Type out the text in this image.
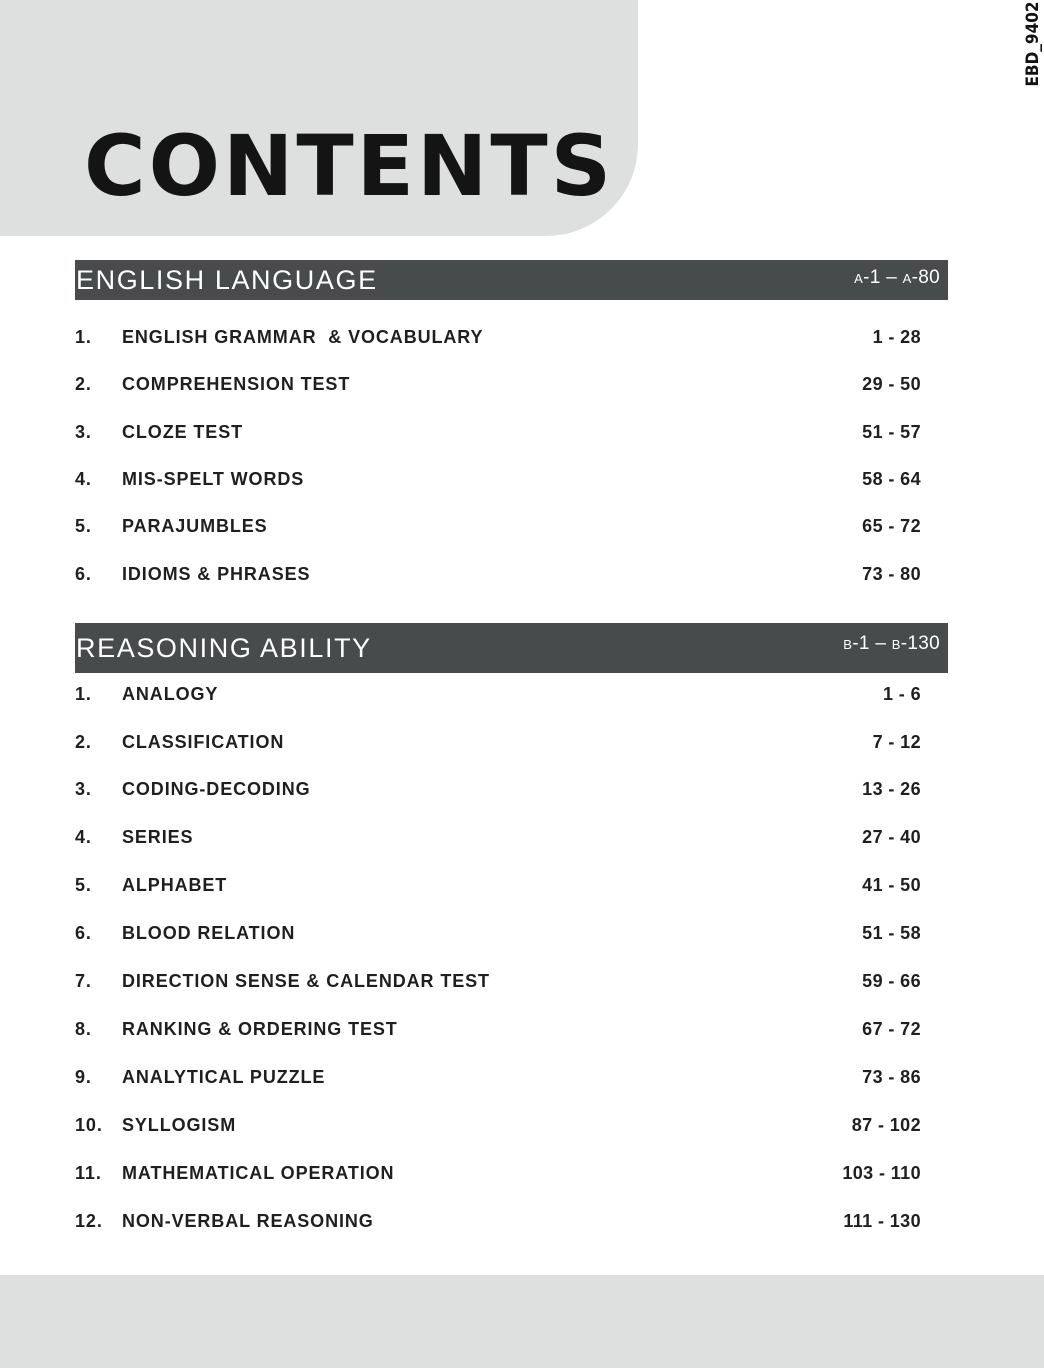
CONTENTS
EBD_9402
ENGLISH LANGUAGE	A-1 – A-80
1. ENGLISH GRAMMAR  & VOCABULARY	1 - 28
2. COMPREHENSION TEST	29 - 50
3. CLOZE TEST	51 - 57
4. MIS-SPELT WORDS	58 - 64
5. PARAJUMBLES	65 - 72
6. IDIOMS & PHRASES	73 - 80
REASONING ABILITY	B-1 – B-130
1. ANALOGY	1 - 6
2. CLASSIFICATION	7 - 12
3. CODING-DECODING	13 - 26
4. SERIES	27 - 40
5. ALPHABET	41 - 50
6. BLOOD RELATION	51 - 58
7. DIRECTION SENSE & CALENDAR TEST	59 - 66
8. RANKING & ORDERING TEST	67 - 72
9. ANALYTICAL PUZZLE	73 - 86
10. SYLLOGISM	87 - 102
11. MATHEMATICAL OPERATION	103 - 110
12. NON-VERBAL REASONING	111 - 130
